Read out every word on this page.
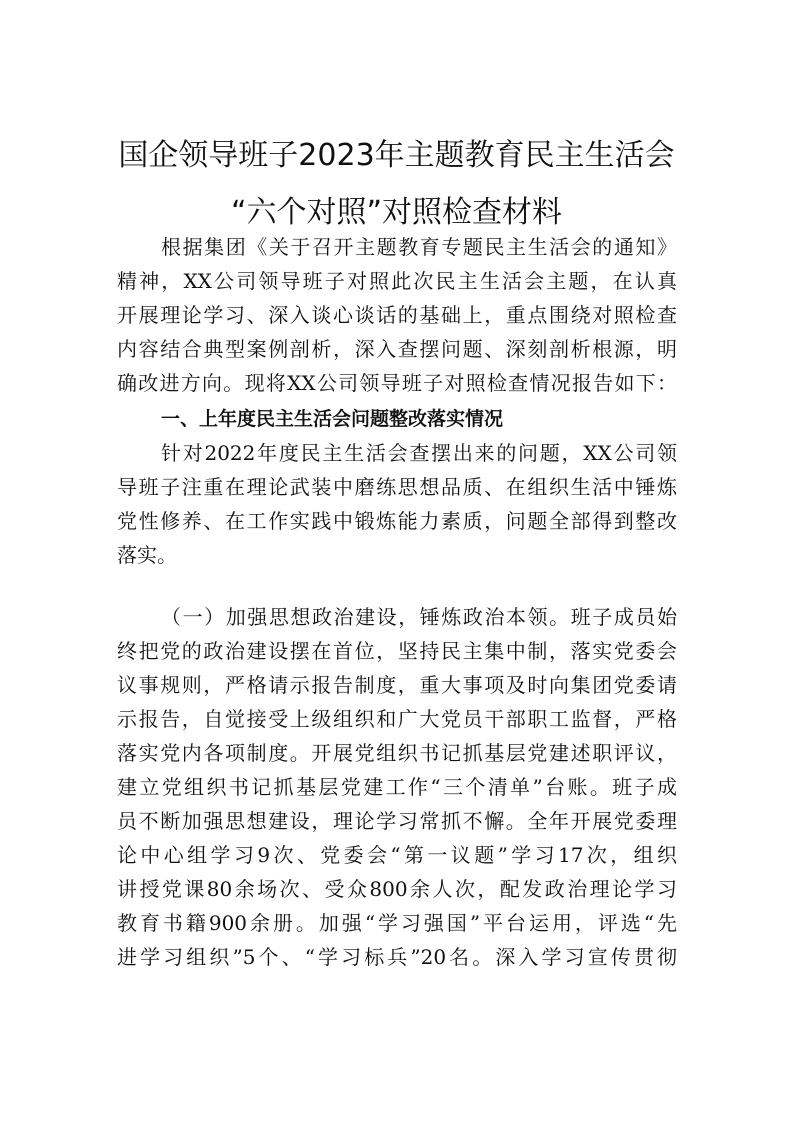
国企领导班子2023年主题教育民主生活会
“六个对照”对照检查材料
根据集团《关于召开主题教育专题民主生活会的通知》
精神，XX公司领导班子对照此次民主生活会主题，在认真
开展理论学习、深入谈心谈话的基础上，重点围绕对照检查
内容结合典型案例剖析，深入查摆问题、深刻剖析根源，明
确改进方向。现将XX公司领导班子对照检查情况报告如下：
一、上年度民主生活会问题整改落实情况
针对2022年度民主生活会查摆出来的问题，XX公司领
导班子注重在理论武装中磨练思想品质、在组织生活中锤炼
党性修养、在工作实践中锻炼能力素质，问题全部得到整改
落实。
（一）加强思想政治建设，锤炼政治本领。班子成员始
终把党的政治建设摆在首位，坚持民主集中制，落实党委会
议事规则，严格请示报告制度，重大事项及时向集团党委请
示报告，自觉接受上级组织和广大党员干部职工监督，严格
落实党内各项制度。开展党组织书记抓基层党建述职评议，
建立党组织书记抓基层党建工作“三个清单”台账。班子成
员不断加强思想建设，理论学习常抓不懈。全年开展党委理
论中心组学习9次、党委会“第一议题”学习17次，组织
讲授党课80余场次、受众800余人次，配发政治理论学习
教育书籍900余册。加强“学习强国”平台运用，评选“先
进学习组织”5个、“学习标兵”20名。深入学习宣传贯彻
